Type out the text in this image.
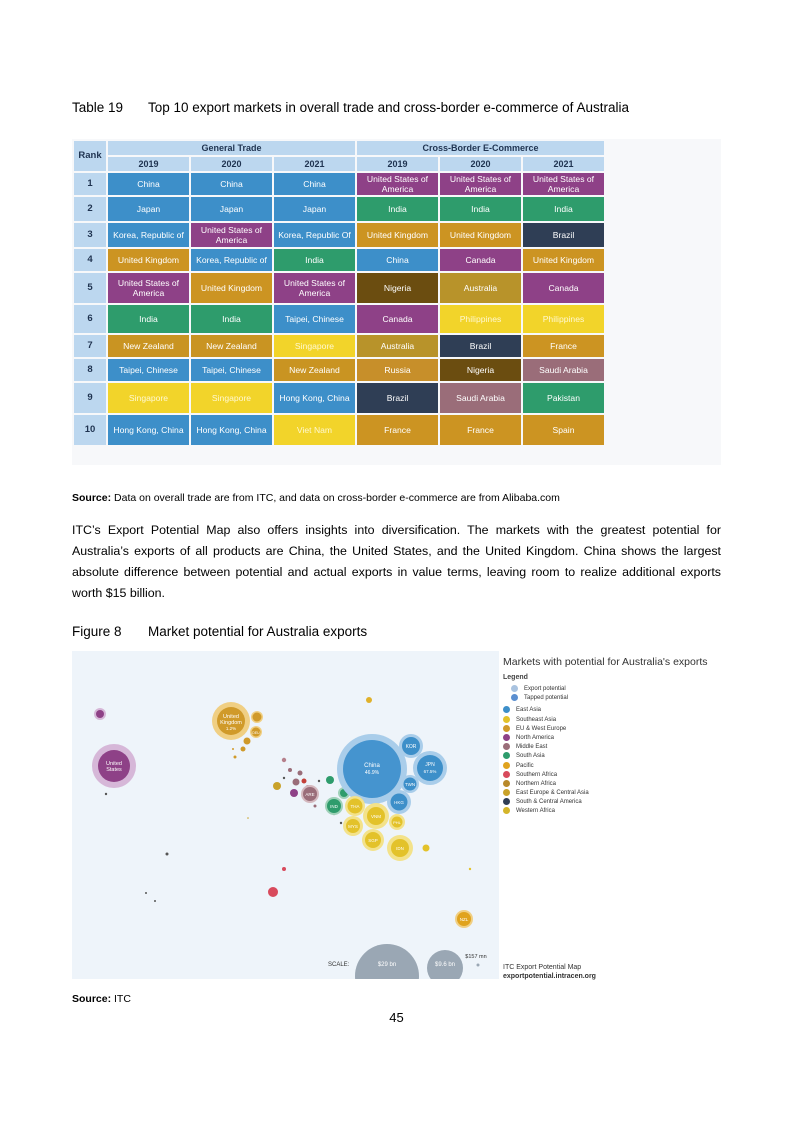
Table 19 Top 10 export markets in overall trade and cross-border e-commerce of Australia
Rank	General Trade			Cross-Border E-Commerce		
	2019	2020	2021	2019	2020	2021
1	China	China	China	United States of America	United States of America	United States of America
2	Japan	Japan	Japan	India	India	India
3	Korea, Republic of	United States of America	Korea, Republic Of	United Kingdom	United Kingdom	Brazil
4	United Kingdom	Korea, Republic of	India	China	Canada	United Kingdom
5	United States of America	United Kingdom	United States of America	Nigeria	Australia	Canada
6	India	India	Taipei, Chinese	Canada	Philippines	Philippines
7	New Zealand	New Zealand	Singapore	Australia	Brazil	France
8	Taipei, Chinese	Taipei, Chinese	New Zealand	Russia	Nigeria	Saudi Arabia
9	Singapore	Singapore	Hong Kong, China	Brazil	Saudi Arabia	Pakistan
10	Hong Kong, China	Hong Kong, China	Viet Nam	France	France	Spain
Source: Data on overall trade are from ITC, and data on cross-border e-commerce are from Alibaba.com
ITC’s Export Potential Map also offers insights into diversification. The markets with the greatest potential for Australia’s exports of all products are China, the United States, and the United Kingdom. China shows the largest absolute difference between potential and actual exports in value terms, leaving room to realize additional exports worth $15 billion.
Figure 8 Market potential for Australia exports
United
Kingdom
1.2%
DEU
United
States
China
46.9%
KOR
JPN
67.5%
TWN
HKG
IND
ARE
THA
VNM
PHL
MYS
SGP
IDN
NZL
SCALE:	$29 bn	$9.6 bn
$157 mn
Markets with potential for Australia's exports
Legend
Export potential
Tapped potential
East Asia
Southeast Asia
EU & West Europe
North America
Middle East
South Asia
Pacific
Southern Africa
Northern Africa
East Europe & Central Asia
South & Central America
Western Africa
ITC Export Potential Map
exportpotential.intracen.org
Source: ITC
45
